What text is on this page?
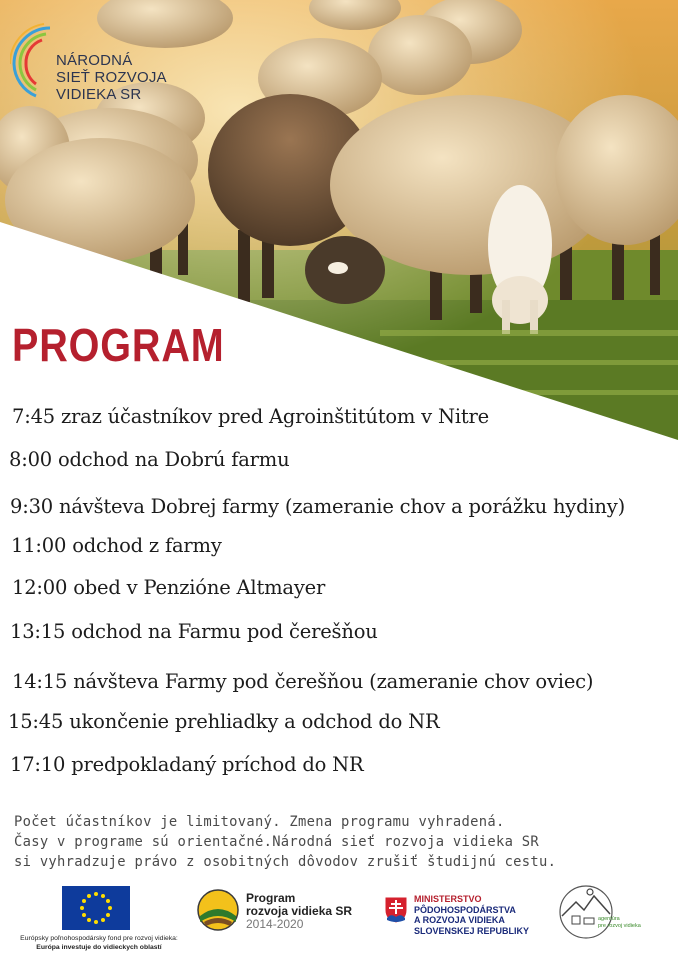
NÁRODNÁ
SIEŤ ROZVOJA
VIDIEKA SR
PROGRAM
7:45 zraz účastníkov pred Agroinštitútom v Nitre
8:00 odchod na Dobrú farmu
9:30 návšteva Dobrej farmy (zameranie chov a porážku hydiny)
11:00 odchod z farmy
12:00 obed v Penzióne Altmayer
13:15 odchod na Farmu pod čerešňou
14:15 návšteva Farmy pod čerešňou (zameranie chov oviec)
15:45 ukončenie prehliadky a odchod do NR
17:10 predpokladaný príchod do NR
Počet účastníkov je limitovaný. Zmena programu vyhradená.
Časy v programe sú orientačné.Národná sieť rozvoja vidieka SR
si vyhradzuje právo z osobitných dôvodov zrušiť študijnú cestu.
Európsky poľnohospodársky fond pre rozvoj vidieka:
Európa investuje do vidieckych oblastí
Program
rozvoja vidieka SR
2014-2020
MINISTERSTVO
PÔDOHOSPODÁRSTVA
A ROZVOJA VIDIEKA
SLOVENSKEJ REPUBLIKY
agentúra
pre rozvoj vidieka
